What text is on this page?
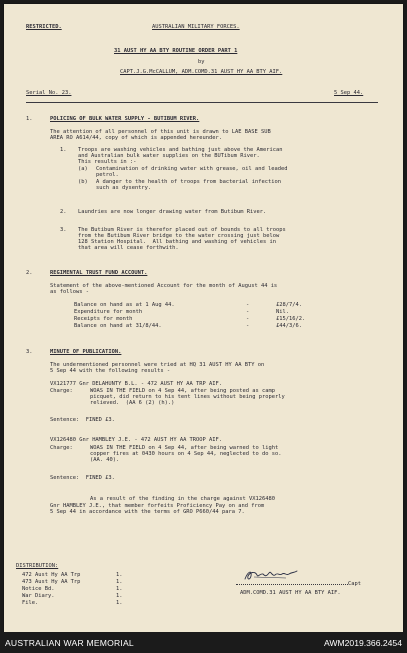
RESTRICTED.	AUSTRALIAN MILITARY FORCES.
31 AUST HY AA BTY ROUTINE ORDER PART 1
by
CAPT.J.G.McCALLUM, ADM.COMD.31 AUST HY AA BTY AIF.
Serial No. 23.	5 Sep 44.
1.	POLICING OF BULK WATER SUPPLY - BUTIBUM RIVER.
The attention of all personnel of this unit is drawn to LAE BASE SUB
AREA RO A614/44, copy of which is appended hereunder.
1. Troops are washing vehicles and bathing just above the American
and Australian bulk water supplies on the BUTibum River.
This results in :-
(a) Contamination of drinking water with grease, oil and leaded
petrol.
(b) A danger to the health of troops from bacterial infection
such as dysentry.
2. Laundries are now longer drawing water from Butibum River.
3. The Butibum River is therefor placed out of bounds to all troops
from the Butibum River bridge to the water crossing just below
128 Station Hospital.  All bathing and washing of vehicles in
that area will cease forthwith.
2.	REGIMENTAL TRUST FUND ACCOUNT.
Statement of the above-mentioned Account for the month of August 44 is
as follows -
Balance on hand as at 1 Aug 44.	-	£28/7/4.
Expenditure for month	-	Nil.
Receipts for month	-	£15/16/2.
Balance on hand at 31/8/44.	-	£44/3/6.
3.	MINUTE OF PUBLICATION.
The undermentioned personnel were tried at HQ 31 AUST HY AA BTY on
5 Sep 44 with the following results -
VX121777 Gnr DELAHUNTY B.L. - 472 AUST HY AA TRP AIF.
Charge:	WOAS IN THE FIELD on 4 Sep 44, after being posted as camp
picquet, did return to his tent lines without being properly
relieved.  (AA 6 (2) (h).)
Sentence:  FINED £3.
VX126480 Gnr HAMBLEY J.E. - 472 AUST HY AA TROOP AIF.
Charge:	WOAS IN THE FIELD on 4 Sep 44, after being warned to light
copper fires at 0430 hours on 4 Sep 44, neglected to do so.
(AA. 40).
Sentence:  FINED £3.
As a result of the finding in the charge against VX126480
Gnr HAMBLEY J.E., that member forfeits Proficiency Pay on and from
5 Sep 44 in accordance with the terms of GRO P660/44 para 7.
DISTRIBUTION:
472 Aust Hy AA Trp	1.
473 Aust Hy AA Trp	1.
Notice Bd.	1.
War Diary.	1.
File.	1.
Capt
ADM.COMD.31 AUST HY AA BTY AIF.
AUSTRALIAN WAR MEMORIAL	AWM2019.366.2454
